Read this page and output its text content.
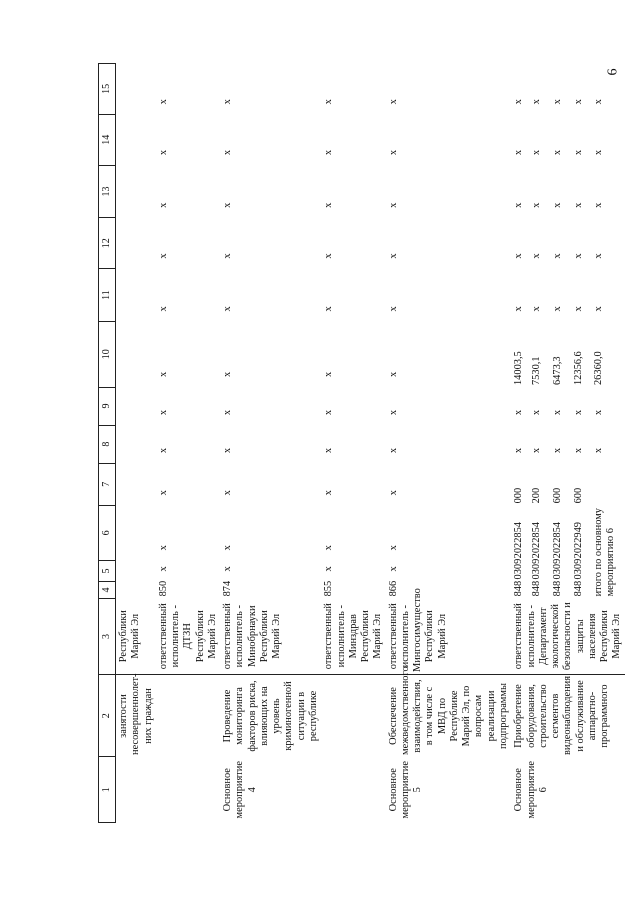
6
1	2	3	4	5	6	7	8	9	10	11	12	13	14	15
	занятости несовершеннолет-них граждан	Республики Марий Эл												
		ответственный исполнитель - ДТЗН Республики Марий Эл	850	x	x	x	x	x	x	x	x	x	x	x
Основное мероприятие 4	Проведение мониторинга факторов риска, влияющих на уровень криминогенной ситуации в республике	ответственный исполнитель - Минобрнауки Республики Марий Эл	874	x	x	x	x	x	x	x	x	x	x	x
		ответственный исполнитель - Минздрав Республики Марий Эл	855	x	x	x	x	x	x	x	x	x	x	x
Основное мероприятие 5	Обеспечение межведомственного взаимодействия, в том числе с МВД по Республике Марий Эл, по вопросам реализации подпрограммы	ответственный исполнитель - Мингосимущество Республики Марий Эл	866	x	x	x	x	x	x	x	x	x	x	x
Основное мероприятие 6	Приобретение оборудования, строительство сегментов видеонаблюдения и обслуживание аппаратно-программного	ответственный исполнитель - Департамент экологической безопасности и защиты населения Республики Марий Эл	848	0309	2022854	000	x	x	14003,5	x	x	x	x	x
			848	0309	2022854	200	x	x	7530,1	x	x	x	x	x
			848	0309	2022854	600	x	x	6473,3	x	x	x	x	x
			848	0309	2022949	600	x	x	12356,6	x	x	x	x	x
			итого по основному мероприятию 6				x	x	26360,0	x	x	x	x	x
